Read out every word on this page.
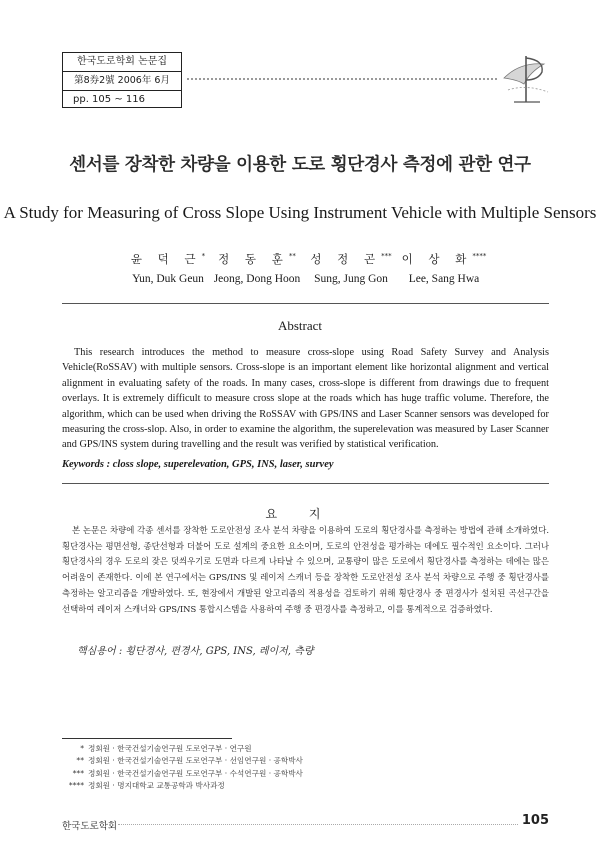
한국도로학회 논문집
第8券2號 2006年 6月
pp. 105 ~ 116
센서를 장착한 차량을 이용한 도로 횡단경사 측정에 관한 연구
A Study for Measuring of Cross Slope Using Instrument Vehicle with Multiple Sensors
윤 덕 근*
Yun, Duk Geun
정 동 훈**
Jeong, Dong Hoon
성 정 곤***
Sung, Jung Gon
이 상 화****
Lee, Sang Hwa
Abstract
This research introduces the method to measure cross-slope using Road Safety Survey and Analysis Vehicle(RoSSAV) with multiple sensors. Cross-slope is an important element like horizontal alignment and vertical alignment in evaluating safety of the roads. In many cases, cross-slope is different from drawings due to frequent overlays. It is extremely difficult to measure cross slope at the roads which has huge traffic volume. Therefore, the algorithm, which can be used when driving the RoSSAV with GPS/INS and Laser Scanner sensors was developed for measuring the cross-slop. Also, in order to examine the algorithm, the superelevation was measured by Laser Scanner and GPS/INS system during travelling and the result was verified by statistical verification.
Keywords : closs slope, superelevation, GPS, INS, laser, survey
요 지
본 논문은 차량에 각종 센서를 장착한 도로안전성 조사 분석 차량을 이용하여 도로의 횡단경사를 측정하는 방법에 관해 소개하였다. 횡단경사는 평면선형, 종단선형과 더불어 도로 설계의 중요한 요소이며, 도로의 안전성을 평가하는 데에도 필수적인 요소이다. 그러나 횡단경사의 경우 도로의 잦은 덧씌우기로 도면과 다르게 나타날 수 있으며, 교통량이 많은 도로에서 횡단경사를 측정하는 데에는 많은 어려움이 존재한다. 이에 본 연구에서는 GPS/INS 및 레이저 스캐너 등을 장착한 도로안전성 조사 분석 차량으로 주행 중 횡단경사를 측정하는 알고리즘을 개발하였다. 또, 현장에서 개발된 알고리즘의 적용성을 검토하기 위해 횡단경사 중 편경사가 설치된 곡선구간을 선택하여 레이저 스캐너와 GPS/INS 통합시스템을 사용하여 주행 중 편경사를 측정하고, 이를 통계적으로 검증하였다.
핵심용어 : 횡단경사, 편경사, GPS, INS, 레이저, 측량
* 정회원 · 한국건설기술연구원 도로연구부 · 연구원
** 정회원 · 한국건설기술연구원 도로연구부 · 선임연구원 · 공학박사
*** 정회원 · 한국건설기술연구원 도로연구부 · 수석연구원 · 공학박사
**** 정회원 · 명지대학교 교통공학과 박사과정
한국도로학회	105
